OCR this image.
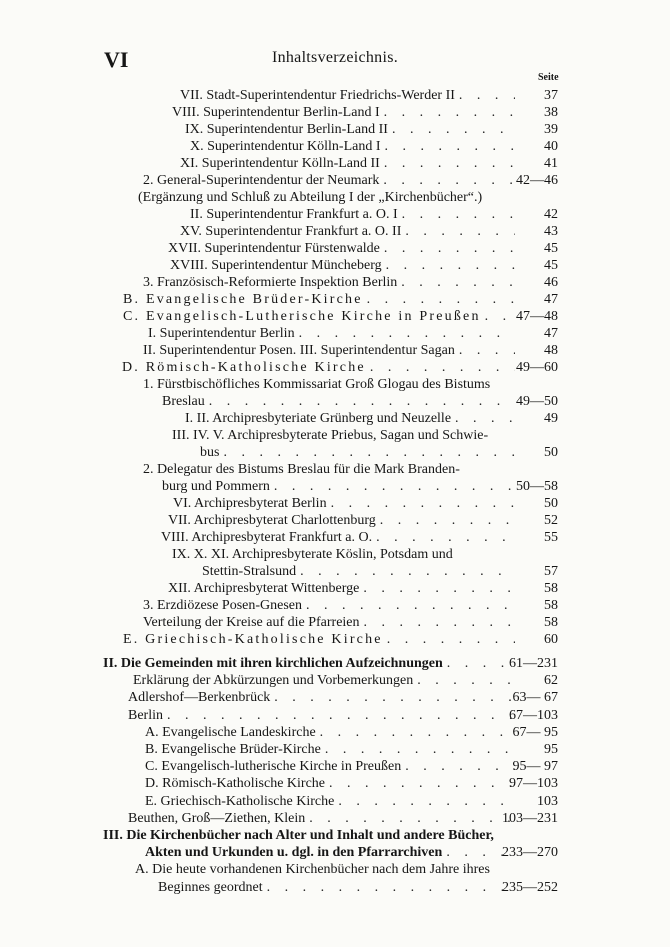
VI	Inhaltsverzeichnis.
Seite
VII. Stadt-Superintendentur Friedrichs-Werder II . . .	37
VIII. Superintendentur Berlin-Land I . . .	38
IX. Superintendentur Berlin-Land II . . .	39
X. Superintendentur Kölln-Land I . . .	40
XI. Superintendentur Kölln-Land II . . .	41
2. General-Superintendentur der Neumark . . .	42—46
(Ergänzung und Schluß zu Abteilung I der „Kirchenbücher“.)
II. Superintendentur Frankfurt a. O. I . . .	42
XV. Superintendentur Frankfurt a. O. II . . .	43
XVII. Superintendentur Fürstenwalde . . .	45
XVIII. Superintendentur Müncheberg . . .	45
3. Französisch-Reformierte Inspektion Berlin . . .	46
B. Evangelische Brüder-Kirche . . .	47
C. Evangelisch-Lutherische Kirche in Preußen . . .	47—48
I. Superintendentur Berlin . . .	47
II. Superintendentur Posen. III. Superintendentur Sagan . . .	48
D. Römisch-Katholische Kirche . . .	49—60
1. Fürstbischöfliches Kommissariat Groß Glogau des Bistums
Breslau . . .	49—50
I. II. Archipresbyteriate Grünberg und Neuzelle . . .	49
III. IV. V. Archipresbyterate Priebus, Sagan und Schwie-
bus . . .	50
2. Delegatur des Bistums Breslau für die Mark Branden-
burg und Pommern . . .	50—58
VI. Archipresbyterat Berlin . . .	50
VII. Archipresbyterat Charlottenburg . . .	52
VIII. Archipresbyterat Frankfurt a. O. . . .	55
IX. X. XI. Archipresbyterate Köslin, Potsdam und
Stettin-Stralsund . . .	57
XII. Archipresbyterat Wittenberge . . .	58
3. Erzdiözese Posen-Gnesen . . .	58
Verteilung der Kreise auf die Pfarreien . . .	58
E. Griechisch-Katholische Kirche . . .	60
II. Die Gemeinden mit ihren kirchlichen Aufzeichnungen . . .	61—231
Erklärung der Abkürzungen und Vorbemerkungen . . .	62
Adlershof—Berkenbrück . . .	63— 67
Berlin . . .	67—103
A. Evangelische Landeskirche . . .	67— 95
B. Evangelische Brüder-Kirche . . .	95
C. Evangelisch-lutherische Kirche in Preußen . . .	95— 97
D. Römisch-Katholische Kirche . . .	97—103
E. Griechisch-Katholische Kirche . . .	103
Beuthen, Groß—Ziethen, Klein . . .	103—231
III. Die Kirchenbücher nach Alter und Inhalt und andere Bücher,
Akten und Urkunden u. dgl. in den Pfarrarchiven . . .	233—270
A. Die heute vorhandenen Kirchenbücher nach dem Jahre ihres
Beginnes geordnet . . .	235—252
